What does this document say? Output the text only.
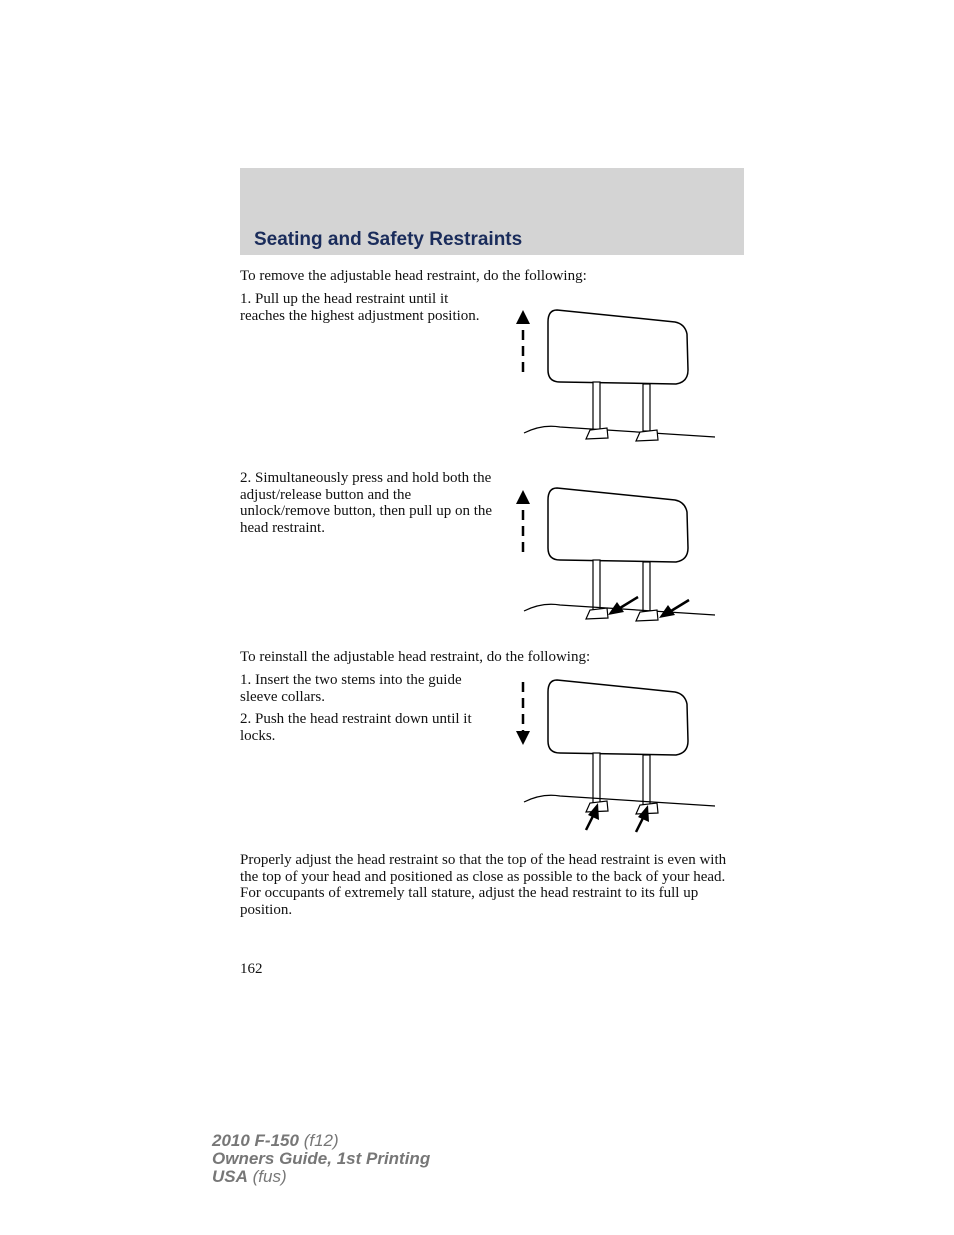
Seating and Safety Restraints
To remove the adjustable head restraint, do the following:
1. Pull up the head restraint until it reaches the highest adjustment position.
2. Simultaneously press and hold both the adjust/release button and the unlock/remove button, then pull up on the head restraint.
To reinstall the adjustable head restraint, do the following:
1. Insert the two stems into the guide sleeve collars.
2. Push the head restraint down until it locks.
Properly adjust the head restraint so that the top of the head restraint is even with the top of your head and positioned as close as possible to the back of your head. For occupants of extremely tall stature, adjust the head restraint to its full up position.
162
2010 F-150 (f12)
Owners Guide, 1st Printing
USA (fus)
